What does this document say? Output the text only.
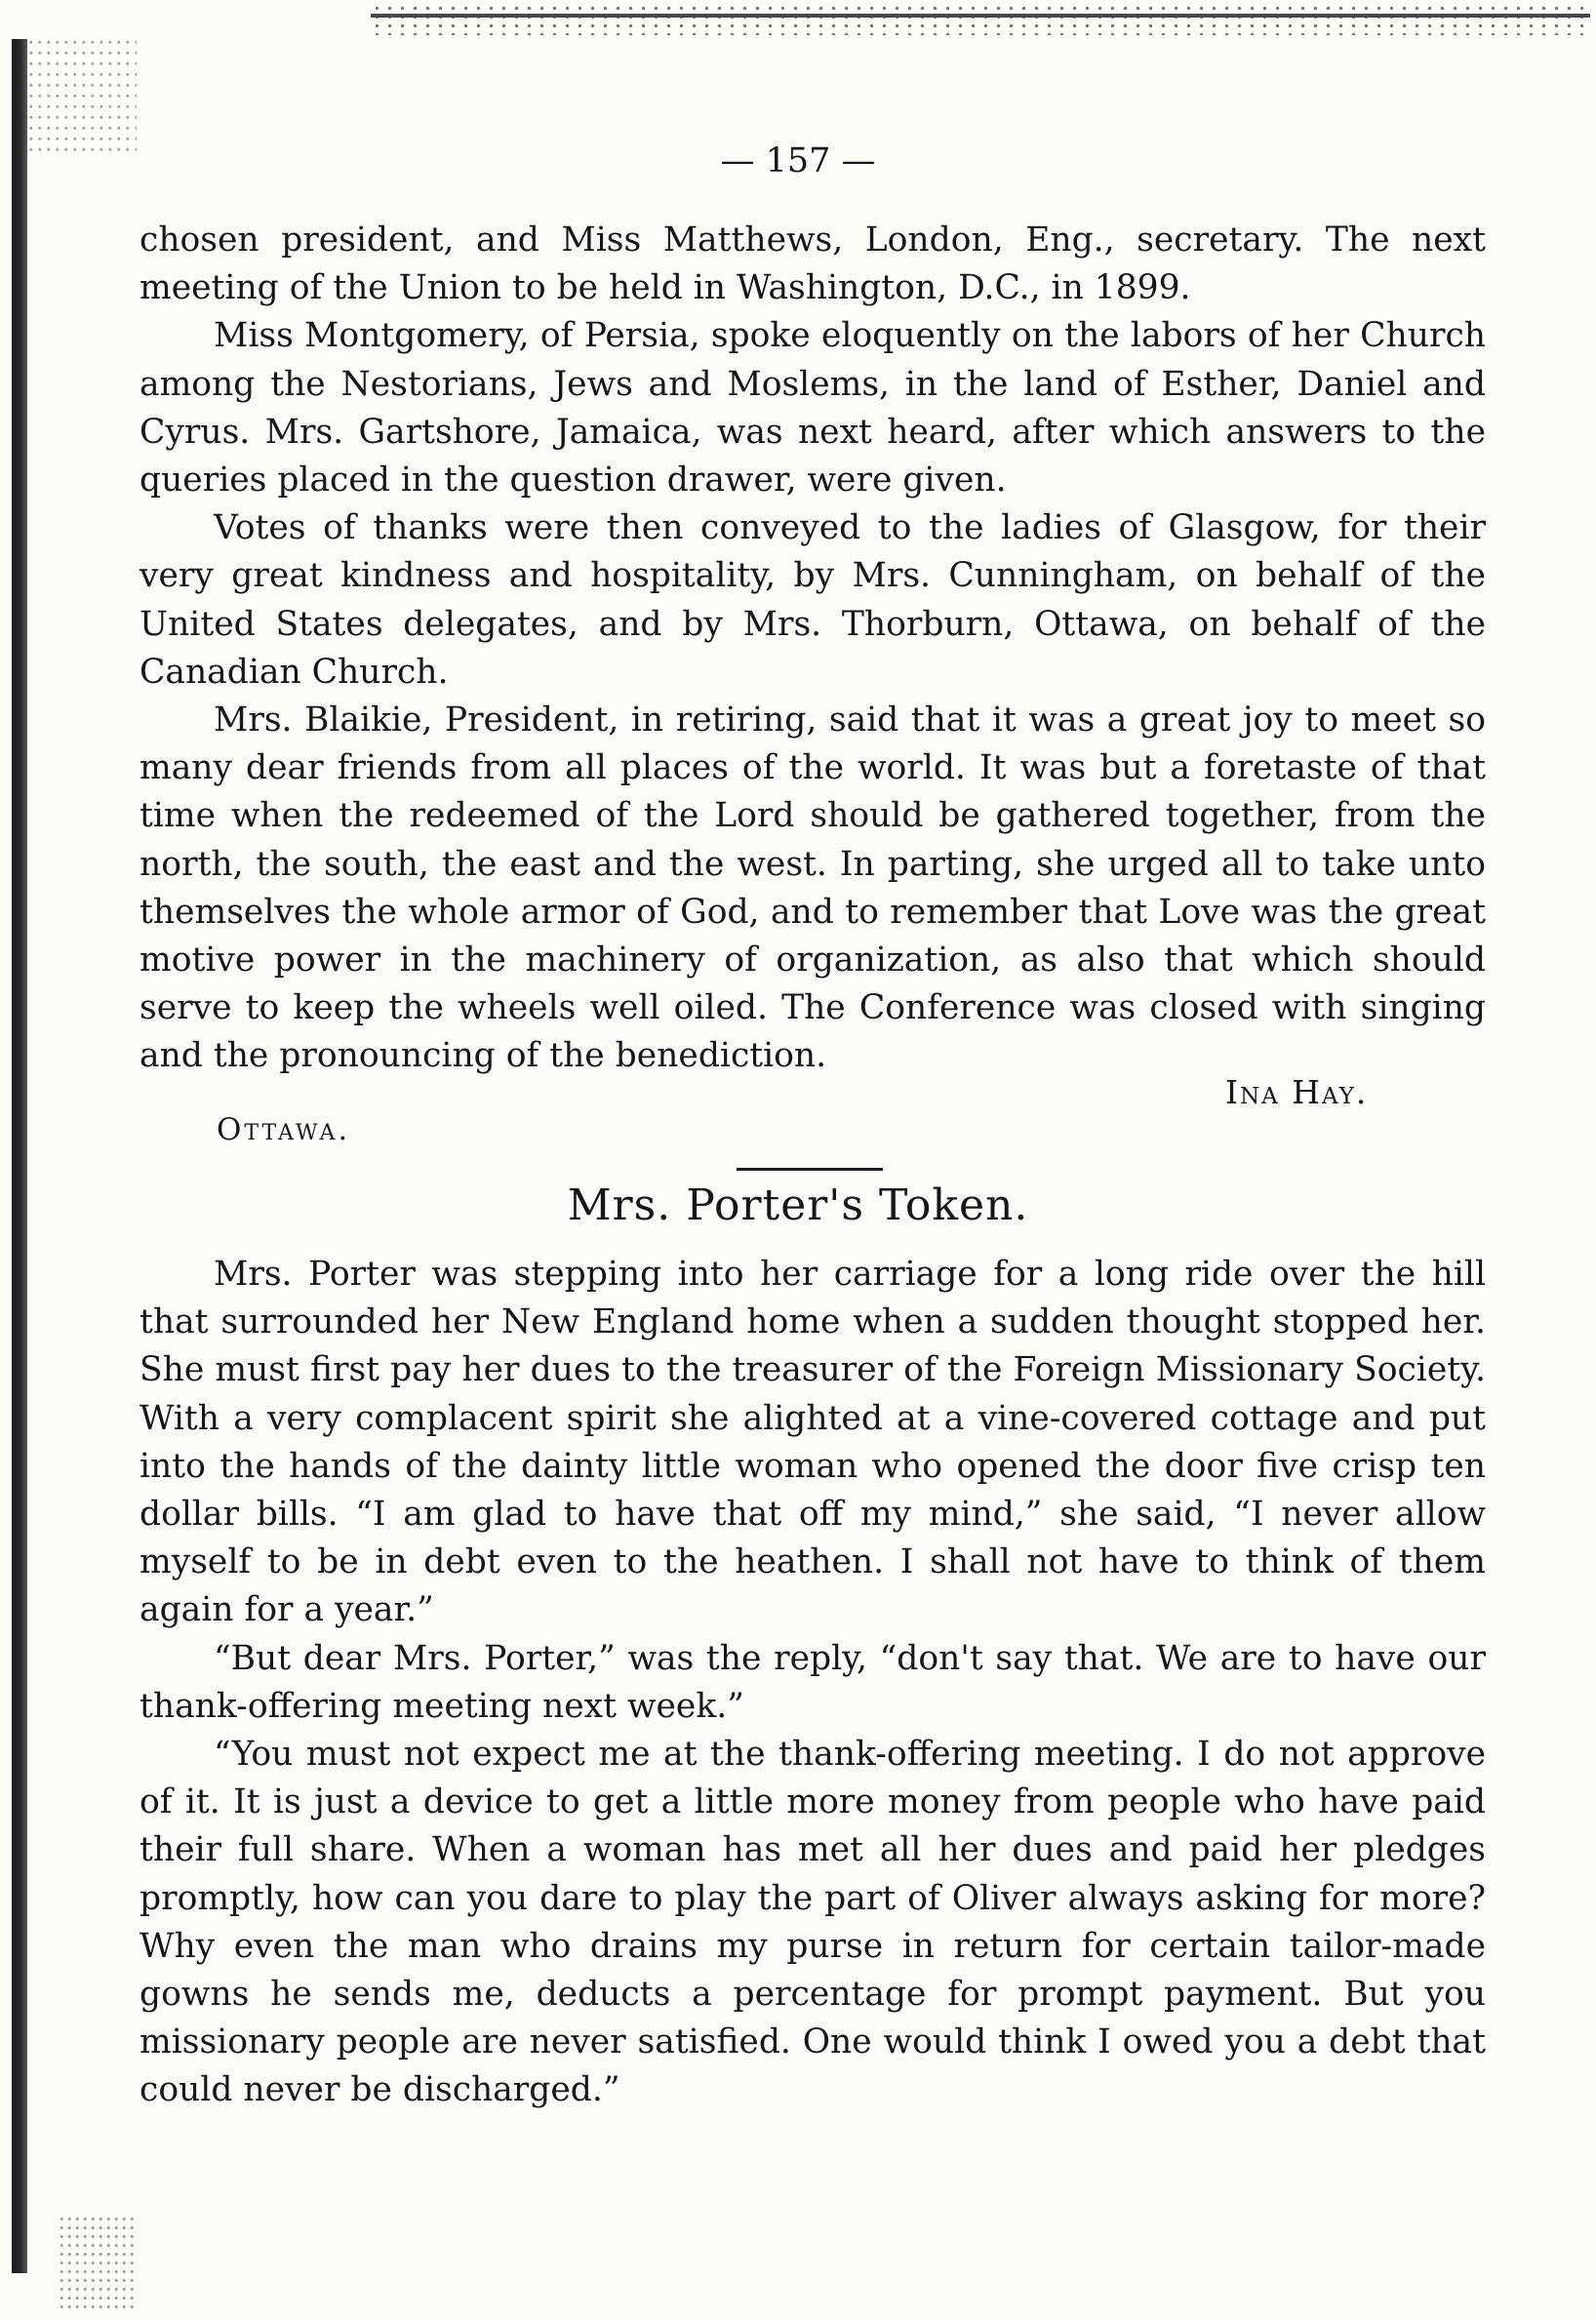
— 157 —

chosen president, and Miss Matthews, London, Eng., secretary. The next meeting of the Union to be held in Washington, D.C., in 1899.

Miss Montgomery, of Persia, spoke eloquently on the labors of her Church among the Nestorians, Jews and Moslems, in the land of Esther, Daniel and Cyrus. Mrs. Gartshore, Jamaica, was next heard, after which answers to the queries placed in the question drawer, were given.

Votes of thanks were then conveyed to the ladies of Glasgow, for their very great kindness and hospitality, by Mrs. Cunningham, on behalf of the United States delegates, and by Mrs. Thorburn, Ottawa, on behalf of the Canadian Church.

Mrs. Blaikie, President, in retiring, said that it was a great joy to meet so many dear friends from all places of the world. It was but a foretaste of that time when the redeemed of the Lord should be gathered together, from the north, the south, the east and the west. In parting, she urged all to take unto themselves the whole armor of God, and to remember that Love was the great motive power in the machinery of organization, as also that which should serve to keep the wheels well oiled. The Conference was closed with singing and the pronouncing of the benediction.

Ina Hay.
Ottawa.
Mrs. Porter's Token.

Mrs. Porter was stepping into her carriage for a long ride over the hill that surrounded her New England home when a sudden thought stopped her. She must first pay her dues to the treasurer of the Foreign Missionary Society. With a very complacent spirit she alighted at a vine-covered cottage and put into the hands of the dainty little woman who opened the door five crisp ten dollar bills. “I am glad to have that off my mind,” she said, “I never allow myself to be in debt even to the heathen. I shall not have to think of them again for a year.”

“But dear Mrs. Porter,” was the reply, “don't say that. We are to have our thank-offering meeting next week.”

“You must not expect me at the thank-offering meeting. I do not approve of it. It is just a device to get a little more money from people who have paid their full share. When a woman has met all her dues and paid her pledges promptly, how can you dare to play the part of Oliver always asking for more? Why even the man who drains my purse in return for certain tailor-made gowns he sends me, deducts a percentage for prompt payment. But you missionary people are never satisfied. One would think I owed you a debt that could never be discharged.”
